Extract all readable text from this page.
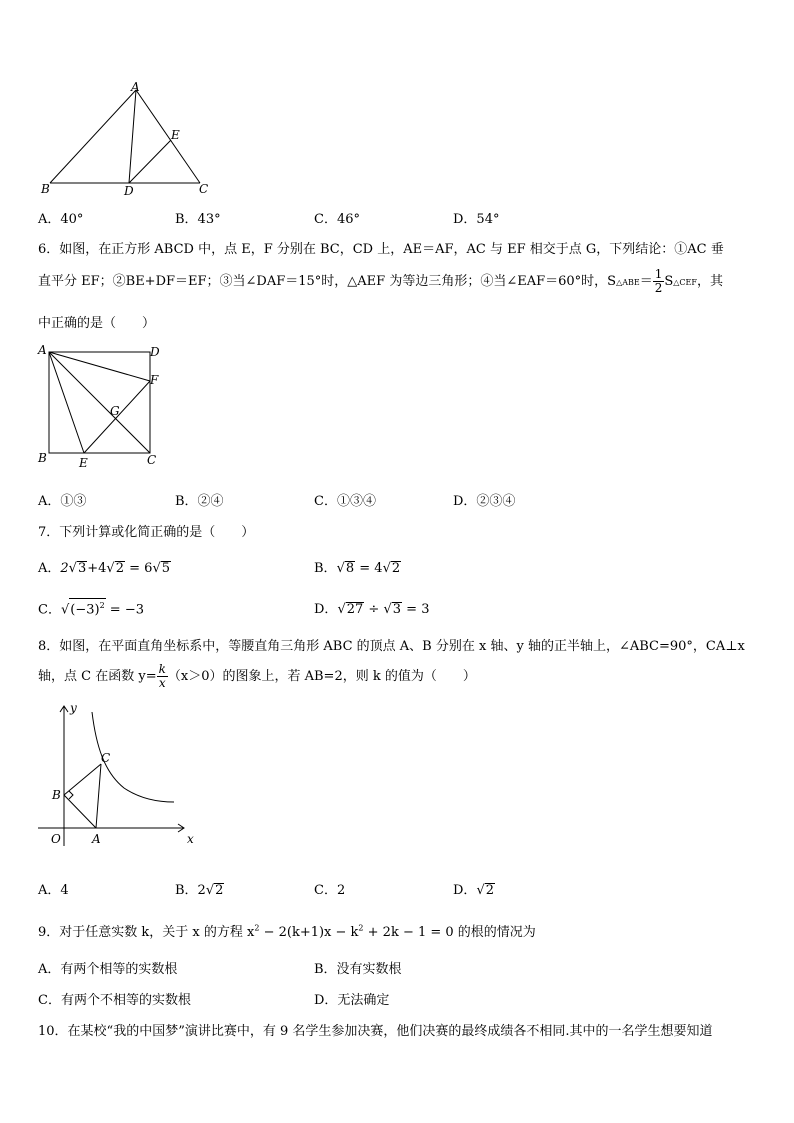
A
B	C
D
E
A．40°	B．43°	C．46°	D．54°
6．如图，在正方形 ABCD 中，点 E，F 分别在 BC，CD 上，AE＝AF，AC 与 EF 相交于点 G，下列结论：①AC 垂
直平分 EF；②BE+DF＝EF；③当∠DAF＝15°时，△AEF 为等边三角形；④当∠EAF＝60°时，S△ABE＝ $\frac{1}{2}$ S△CEF，其
中正确的是（　　）
A	D
F
G
B	E	C
A．①③	B．②④	C．①③④	D．②③④
7．下列计算或化简正确的是（　　）
A．2√3+4√2 = 6√5	B．√8 = 4√2
C．$√(-3)^2 = -3$	D．√27 ÷ √3 = 3
8．如图，在平面直角坐标系中，等腰直角三角形 ABC 的顶点 A、B 分别在 x 轴、y 轴的正半轴上，∠ABC=90°，CA⊥x
轴，点 C 在函数 $y= \frac{k}{x} (x>0)$的图象上，若 AB=2，则 k 的值为（　　）
y
C
B
O	A	x
A．4	B．2√2	C．2	D．√2
9．对于任意实数 k，关于 x 的方程 $x^2 - 2(k+1)x - k^2 + 2k - 1 = 0$ 的根的情况为
A．有两个相等的实数根	B．没有实数根
C．有两个不相等的实数根	D．无法确定
10．在某校“我的中国梦”演讲比赛中，有 9 名学生参加决赛，他们决赛的最终成绩各不相同.其中的一名学生想要知道
